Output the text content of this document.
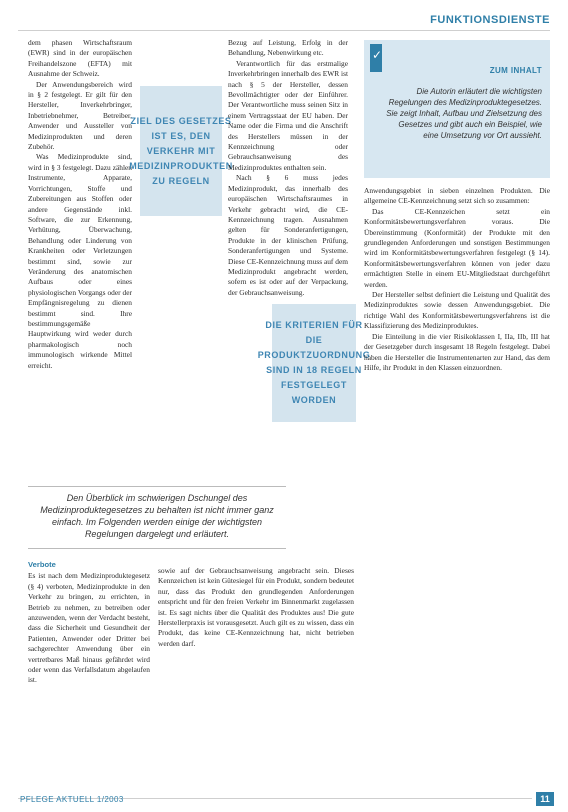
FUNKTIONSDIENSTE

dem phasen Wirtschaftsraum (EWR) sind in der europäischen Freihandelszone (EFTA) mit Ausnahme der Schweiz.

Der Anwendungsbereich wird in § 2 festgelegt. Er gilt für den Hersteller, Inverkehrbringer, Inbetriebnehmer, Betreiber, Anwender und Aussteller von Medizinprodukten und deren Zubehör.

Was Medizinprodukte sind, wird in § 3 festgelegt. Dazu zählen Instrumente, Apparate, Vorrichtungen, Stoffe und Zubereitungen aus Stoffen oder andere Gegenstände inkl. Software, die zur Erkennung, Verhütung, Überwachung, Behandlung oder Linderung von Krankheiten oder Verletzungen bestimmt sind, sowie zur Veränderung des anatomischen Aufbaus oder eines physiologischen Vorgangs oder der Empfängnisregelung zu dienen bestimmt sind. Ihre bestimmungsgemäße Hauptwirkung wird weder durch pharmakologisch noch immunologisch wirkende Mittel erreicht.

ZIEL DES GESETZES IST ES, DEN VERKEHR MIT MEDIZINPRODUKTEN ZU REGELN

Bezug auf Leistung, Erfolg in der Behandlung, Nebenwirkung etc.

Verantwortlich für das erstmalige Inverkehrbringen innerhalb des EWR ist nach § 5 der Hersteller, dessen Bevollmächtigter oder der Einführer. Der Verantwortliche muss seinen Sitz in einem Vertragsstaat der EU haben. Der Name oder die Firma und die Anschrift des Herstellers müssen in der Kennzeichnung oder Gebrauchsanweisung des Medizinproduktes enthalten sein.

Nach § 6 muss jedes Medizinprodukt, das innerhalb des europäischen Wirtschaftsraumes in Verkehr gebracht wird, die CE-Kennzeichnung tragen. Ausnahmen gelten für Sonderanfertigungen, Produkte in der klinischen Prüfung, Sonderanfertigungen und Systeme. Diese CE-Kennzeichnung muss auf dem Medizinprodukt angebracht werden, sofern es ist oder auf der Verpackung, der Gebrauchsanweisung.

DIE KRITERIEN FÜR DIE PRODUKTZUORDNUNG SIND IN 18 REGELN FESTGELEGT WORDEN
Den Überblick im schwierigen Dschungel des Medizinproduktegesetzes zu behalten ist nicht immer ganz einfach. Im Folgenden werden einige der wichtigsten Regelungen dargelegt und erläutert.
Verbote

Es ist nach dem Medizinproduktegesetz (§ 4) verboten, Medizinprodukte in den Verkehr zu bringen, zu errichten, in Betrieb zu nehmen, zu betreiben oder anzuwenden, wenn der Verdacht besteht, dass die Sicherheit und Gesundheit der Patienten, Anwender oder Dritter bei sachgerechter Anwendung über ein vertretbares Maß hinaus gefährdet wird oder wenn das Verfallsdatum abgelaufen ist.

sowie auf der Gebrauchsanweisung angebracht sein. Dieses Kennzeichen ist kein Gütesiegel für ein Produkt, sondern bedeutet nur, dass das Produkt den grundlegenden Anforderungen entspricht und für den freien Verkehr im Binnenmarkt zugelassen ist. Es sagt nichts über die Qualität des Produktes aus! Die gute Herstellerpraxis ist vorausgesetzt. Auch gilt es zu wissen, dass ein Produkt, das keine CE-Kennzeichnung hat, nicht betrieben werden darf.

ZUM INHALT
Die Autorin erläutert die wichtigsten Regelungen des Medizinproduktegesetzes. Sie zeigt Inhalt, Aufbau und Zielsetzung des Gesetzes und gibt auch ein Beispiel, wie eine Umsetzung vor Ort aussieht.
✓

Anwendungsgebiet in sieben einzelnen Produkten. Die allgemeine CE-Kennzeichnung setzt sich so zusammen:

Das CE-Kennzeichen setzt ein Konformitätsbewertungsverfahren voraus. Die Übereinstimmung (Konformität) der Produkte mit den grundlegenden Anforderungen und sonstigen Bestimmungen wird im Konformitätsbewertungsverfahren festgelegt (§ 14). Konformitätsbewertungsverfahren können von jeder dazu ermächtigten Stelle in einem EU-Mitgliedstaat durchgeführt werden.

Der Hersteller selbst definiert die Leistung und Qualität des Medizinproduktes sowie dessen Anwendungsgebiet. Die richtige Wahl des Konformitätsbewertungsverfahrens ist die Klassifizierung des Medizinproduktes.

Die Einteilung in die vier Risikoklassen I, IIa, IIb, III hat der Gesetzgeber durch insgesamt 18 Regeln festgelegt. Dabei haben die Hersteller die Instrumentenarten zur Hand, das dem Hilfe, ihr Produkt in den Klassen einzuordnen.

PFLEGE AKTUELL 1/2003	11
